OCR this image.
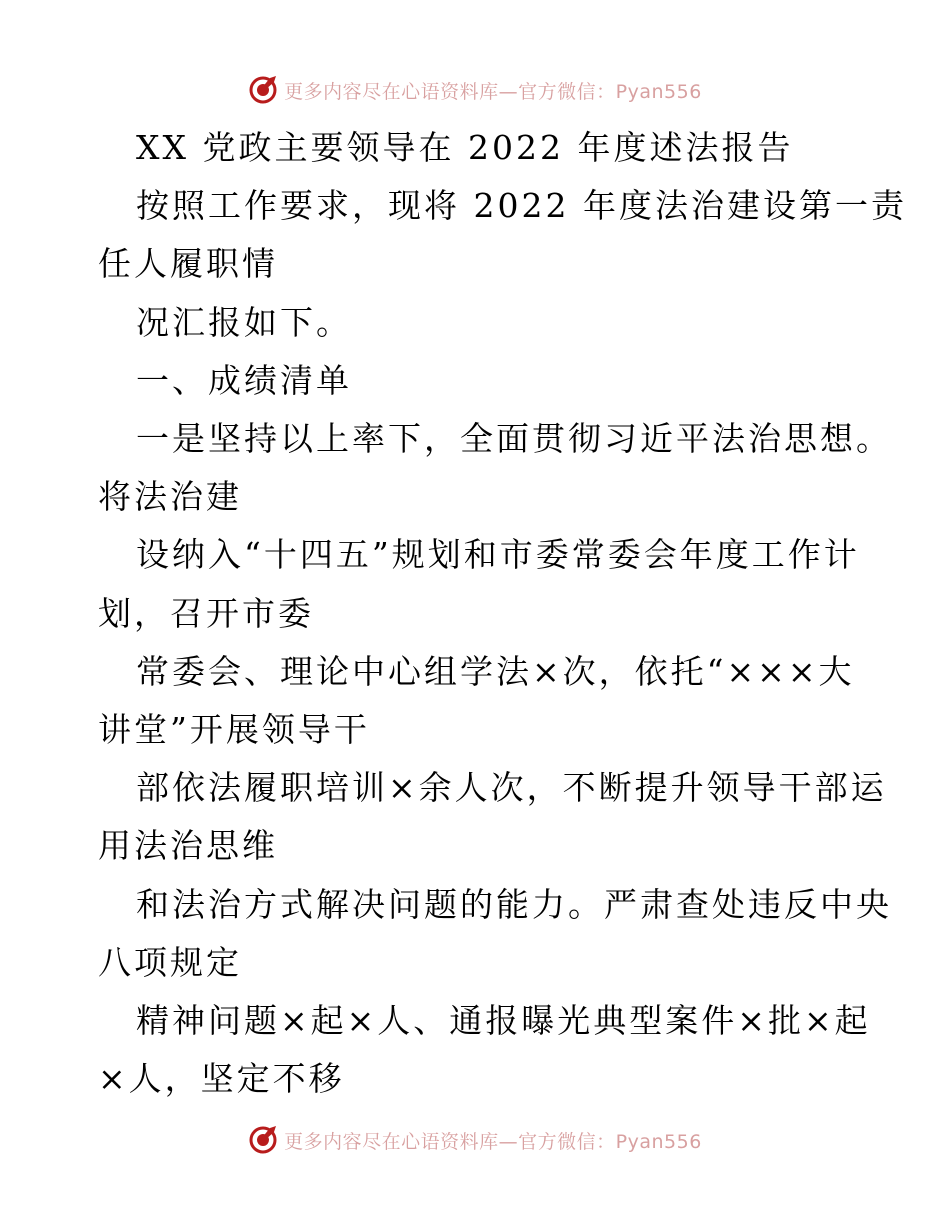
更多内容尽在心语资料库—官方微信：Pyan556
XX 党政主要领导在 2022 年度述法报告
按照工作要求，现将 2022 年度法治建设第一责
任人履职情
况汇报如下。
一、成绩清单
一是坚持以上率下，全面贯彻习近平法治思想。
将法治建
设纳入“十四五”规划和市委常委会年度工作计
划，召开市委
常委会、理论中心组学法×次，依托“×××大
讲堂”开展领导干
部依法履职培训×余人次，不断提升领导干部运
用法治思维
和法治方式解决问题的能力。严肃查处违反中央
八项规定
精神问题×起×人、通报曝光典型案件×批×起
×人，坚定不移
更多内容尽在心语资料库—官方微信：Pyan556
